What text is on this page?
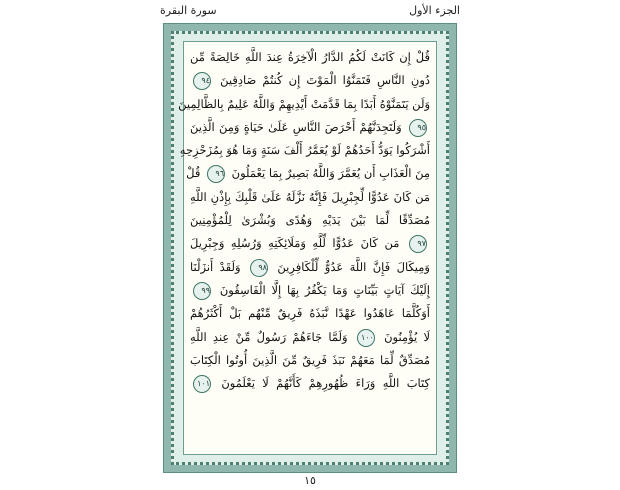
الجزء الأول
سورة البقرة
قُلْ إِن كَانَتْ لَكُمُ الدَّارُ الْآخِرَةُ عِندَ اللَّهِ خَالِصَةً مِّن
دُونِ النَّاسِ فَتَمَنَّوُا الْمَوْتَ إِن كُنتُمْ صَادِقِينَ ٩٤
وَلَن يَتَمَنَّوْهُ أَبَدًا بِمَا قَدَّمَتْ أَيْدِيهِمْ وَاللَّهُ عَلِيمٌ بِالظَّالِمِينَ
٩٥ وَلَتَجِدَنَّهُمْ أَحْرَصَ النَّاسِ عَلَىٰ حَيَاةٍ وَمِنَ الَّذِينَ
أَشْرَكُوا يَوَدُّ أَحَدُهُمْ لَوْ يُعَمَّرُ أَلْفَ سَنَةٍ وَمَا هُوَ بِمُزَحْزِحِهِ
مِنَ الْعَذَابِ أَن يُعَمَّرَ وَاللَّهُ بَصِيرٌ بِمَا يَعْمَلُونَ ٩٦ قُلْ
مَن كَانَ عَدُوًّا لِّجِبْرِيلَ فَإِنَّهُ نَزَّلَهُ عَلَىٰ قَلْبِكَ بِإِذْنِ اللَّهِ
مُصَدِّقًا لِّمَا بَيْنَ يَدَيْهِ وَهُدًى وَبُشْرَىٰ لِلْمُؤْمِنِينَ
٩٧ مَن كَانَ عَدُوًّا لِّلَّهِ وَمَلَائِكَتِهِ وَرُسُلِهِ وَجِبْرِيلَ
وَمِيكَالَ فَإِنَّ اللَّهَ عَدُوٌّ لِّلْكَافِرِينَ ٩٨ وَلَقَدْ أَنزَلْنَا
إِلَيْكَ آيَاتٍ بَيِّنَاتٍ وَمَا يَكْفُرُ بِهَا إِلَّا الْفَاسِقُونَ ٩٩
أَوَكُلَّمَا عَاهَدُوا عَهْدًا نَّبَذَهُ فَرِيقٌ مِّنْهُم بَلْ أَكْثَرُهُمْ
لَا يُؤْمِنُونَ ١٠٠ وَلَمَّا جَاءَهُمْ رَسُولٌ مِّنْ عِندِ اللَّهِ
مُصَدِّقٌ لِّمَا مَعَهُمْ نَبَذَ فَرِيقٌ مِّنَ الَّذِينَ أُوتُوا الْكِتَابَ
كِتَابَ اللَّهِ وَرَاءَ ظُهُورِهِمْ كَأَنَّهُمْ لَا يَعْلَمُونَ ١٠١
١٥
